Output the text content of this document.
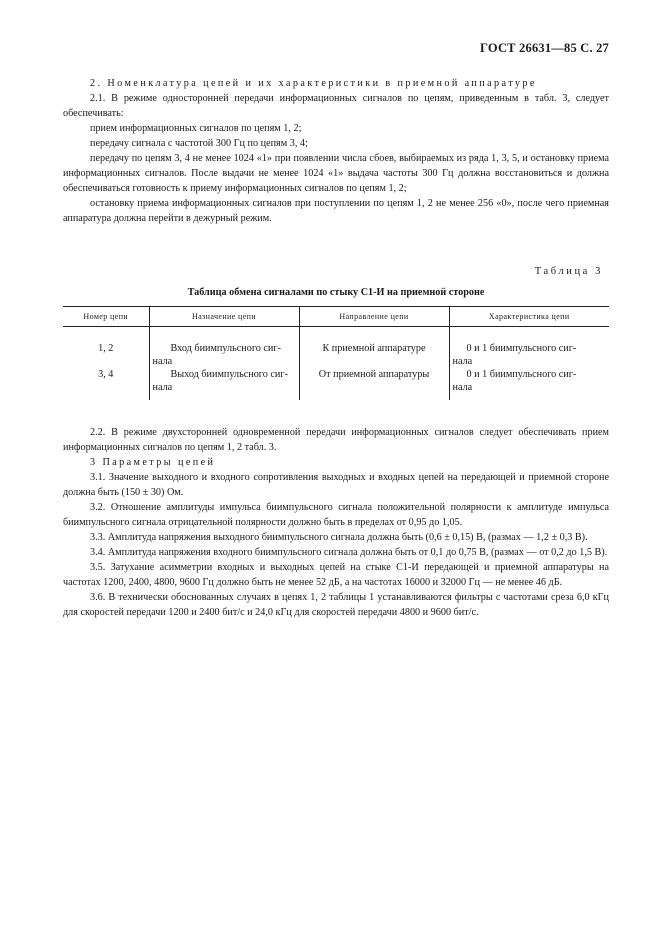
ГОСТ 26631—85 С. 27

2. Номенклатура цепей и их характеристики в приемной аппаратуре

2.1. В режиме односторонней передачи информационных сигналов по цепям, приведенным в табл. 3, следует обеспечивать:

прием информационных сигналов по цепям 1, 2;

передачу сигнала с частотой 300 Гц по цепям 3, 4;

передачу по цепям 3, 4 не менее 1024 «1» при появлении числа сбоев, выбираемых из ряда 1, 3, 5, и остановку приема информационных сигналов. После выдачи не менее 1024 «1» выдача частоты 300 Гц должна восстановиться и должна обеспечиваться готовность к приему информационных сигналов по цепям 1, 2;

остановку приема информационных сигналов при поступлении по цепям 1, 2 не менее 256 «0», после чего приемная аппаратура должна перейти в дежурный режим.

Таблица 3

Таблица обмена сигналами по стыку С1-И на приемной стороне

Номер цепи	Назначение цепи	Направление цепи	Характеристика цепи
1, 2	Вход биимпульсного сиг-
нала	К приемной аппаратуре	0 и 1 биимпульсного сиг-
нала

3, 4	Выход биимпульсного сиг-
нала	От приемной аппаратуры	0 и 1 биимпульсного сиг-
нала

2.2. В режиме двухсторонней одновременной передачи информационных сигналов следует обеспечивать прием информационных сигналов по цепям 1, 2 табл. 3.

3 Параметры цепей

3.1. Значение выходного и входного сопротивления выходных и входных цепей на передающей и приемной стороне должна быть (150 ± 30) Ом.

3.2. Отношение амплитуды импульса биимпульсного сигнала положительной полярности к амплитуде импульса биимпульсного сигнала отрицательной полярности должно быть в пределах от 0,95 до 1,05.

3.3. Амплитуда напряжения выходного биимпульсного сигнала должна быть (0,6 ± 0,15) В, (размах — 1,2 ± 0,3 В).

3.4. Амплитуда напряжения входного биимпульсного сигнала должна быть от 0,1 до 0,75 В, (размах — от 0,2 до 1,5 В).

3.5. Затухание асимметрии входных и выходных цепей на стыке С1-И передающей и приемной аппаратуры на частотах 1200, 2400, 4800, 9600 Гц должно быть не менее 52 дБ, а на частотах 16000 и 32000 Гц — не менее 46 дБ.

3.6. В технически обоснованных случаях в цепях 1, 2 таблицы 1 устанавливаются фильтры с частотами среза 6,0 кГц для скоростей передачи 1200 и 2400 бит/с и 24,0 кГц для скоростей передачи 4800 и 9600 бит/с.
